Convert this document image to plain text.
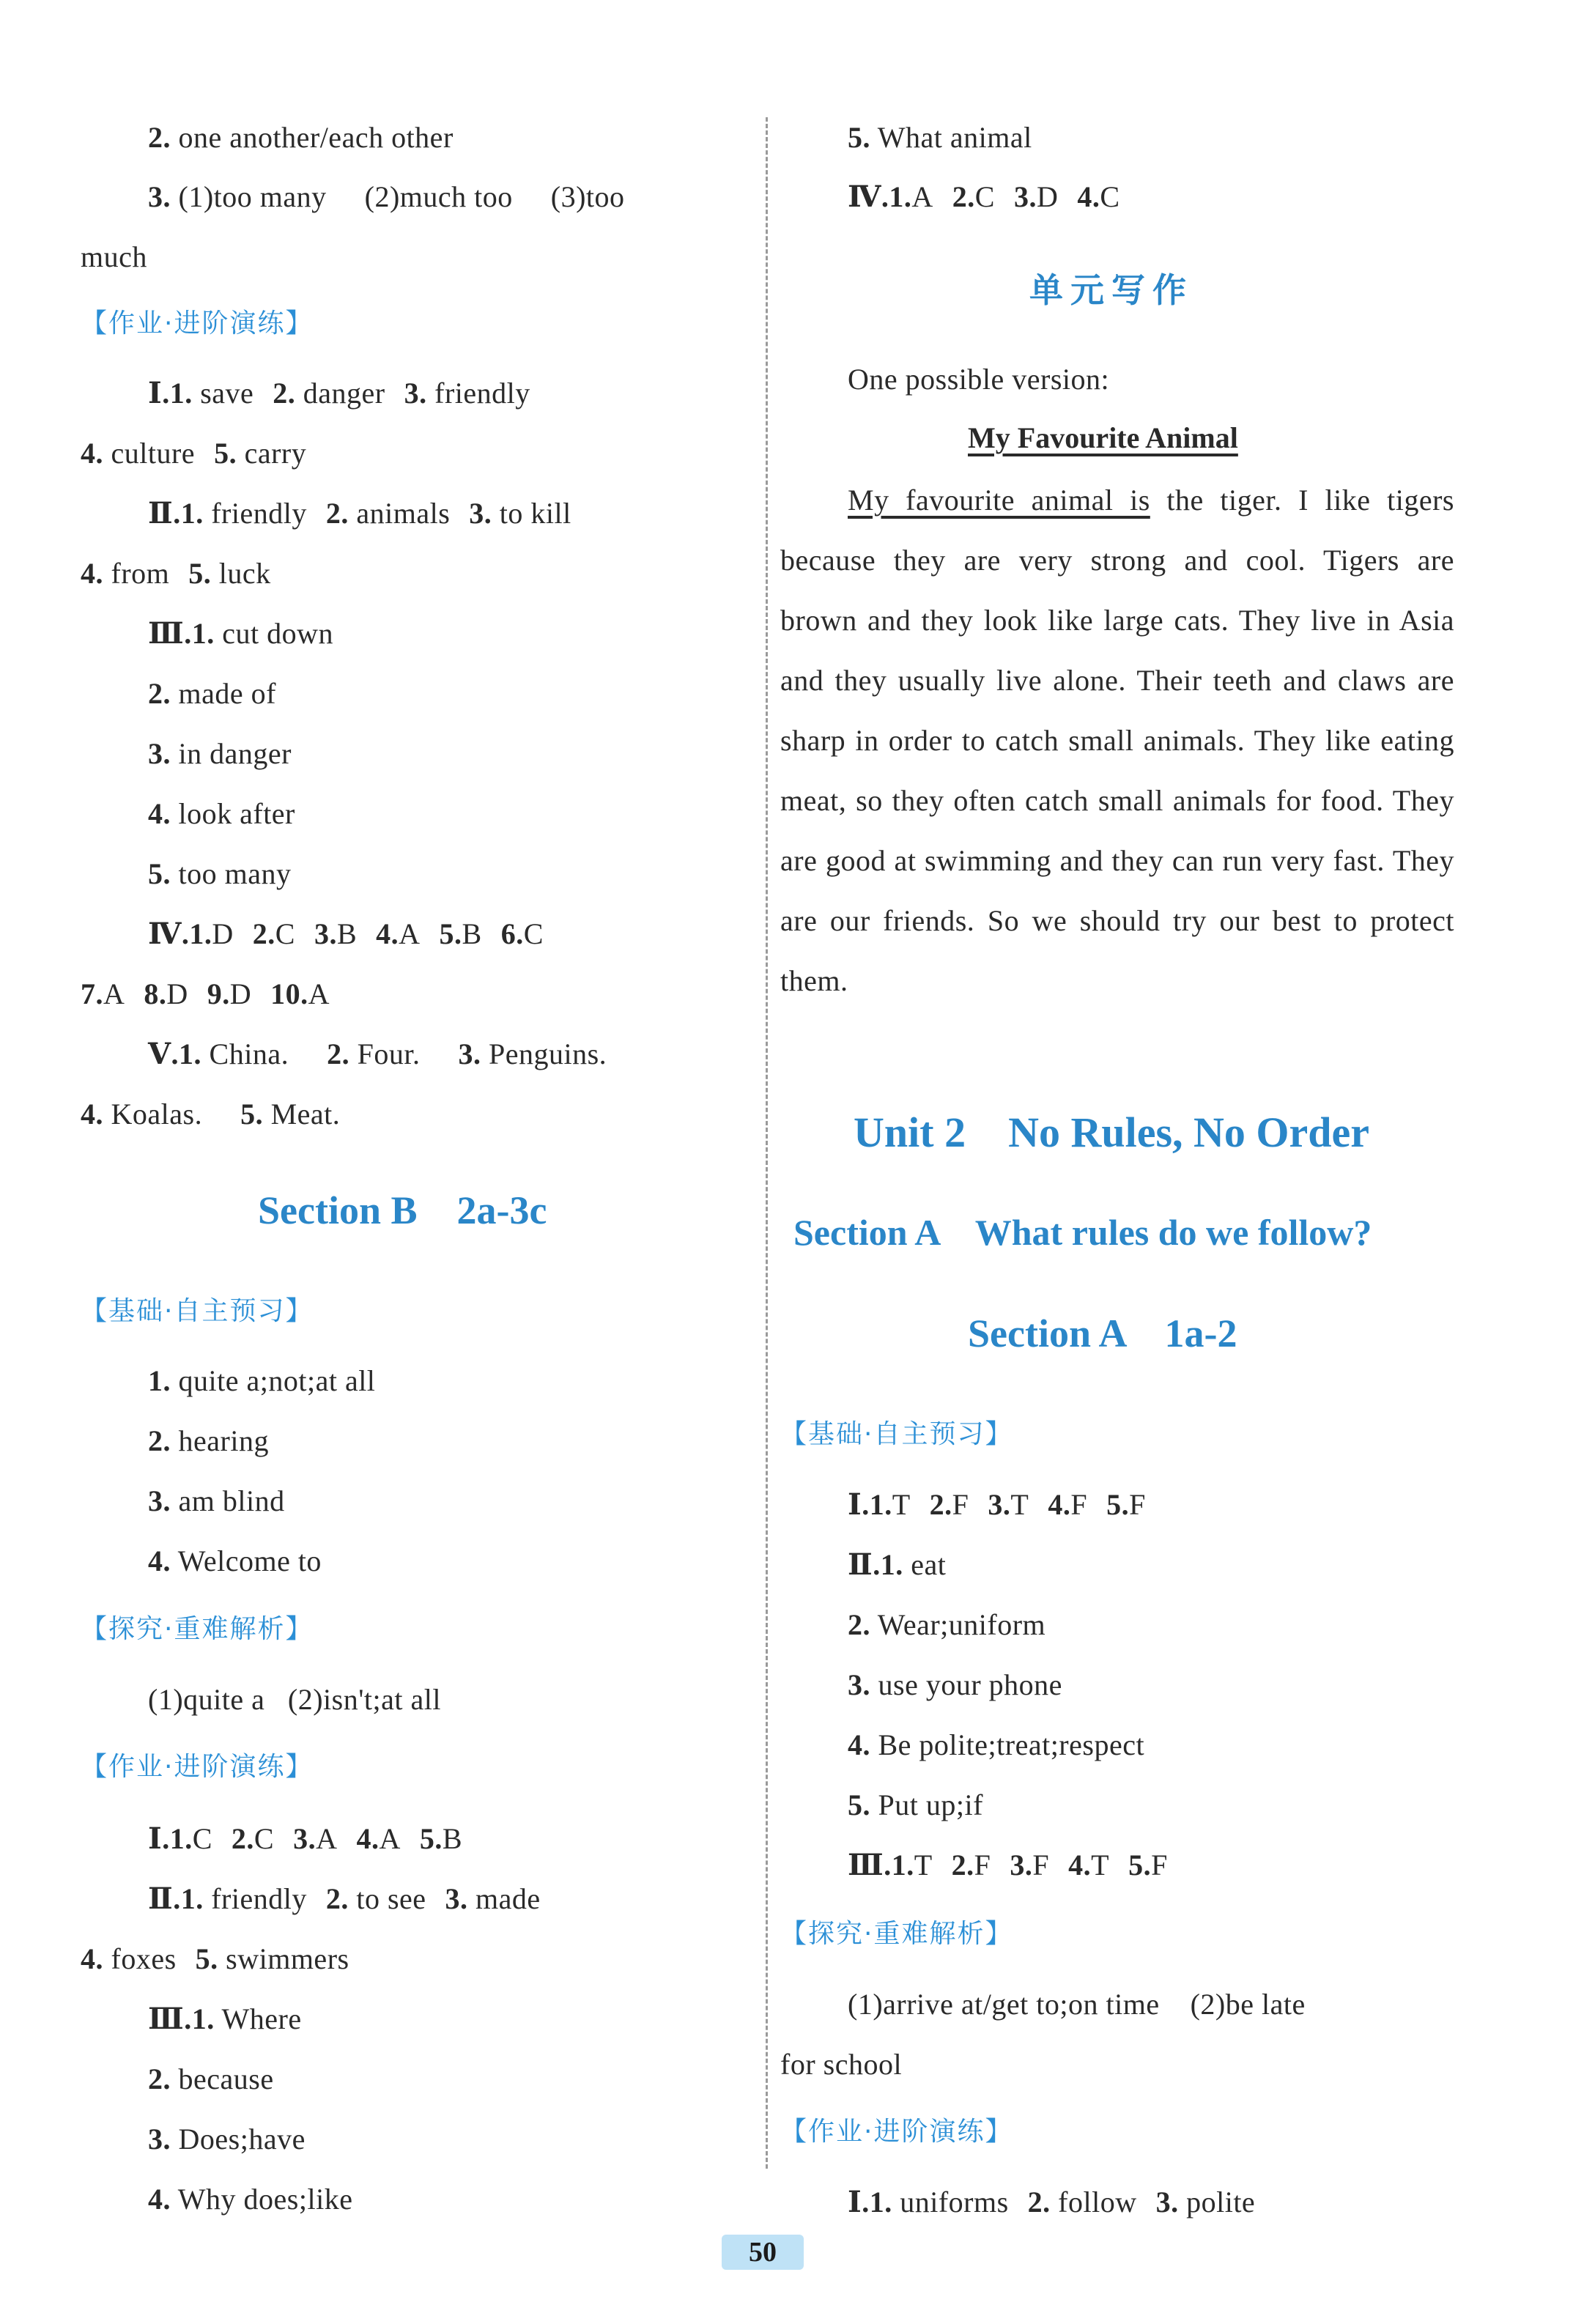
2. one another/each other
3. (1)too many (2)much too (3)too
much
【作业·进阶演练】
Ⅰ.1. save 2. danger 3. friendly
4. culture 5. carry
Ⅱ.1. friendly 2. animals 3. to kill
4. from 5. luck
Ⅲ.1. cut down
2. made of
3. in danger
4. look after
5. too many
Ⅳ.1.D 2.C 3.B 4.A 5.B 6.C
7.A 8.D 9.D 10.A
Ⅴ.1. China. 2. Four. 3. Penguins.
4. Koalas. 5. Meat.
Section B    2a-3c
【基础·自主预习】
1. quite a;not;at all
2. hearing
3. am blind
4. Welcome to
【探究·重难解析】
(1)quite a   (2)isn't;at all
【作业·进阶演练】
Ⅰ.1.C 2.C 3.A 4.A 5.B
Ⅱ.1. friendly 2. to see 3. made
4. foxes 5. swimmers
Ⅲ.1. Where
2. because
3. Does;have
4. Why does;like
5. What animal
Ⅳ.1.A 2.C 3.D 4.C
单元写作
One possible version:
My Favourite Animal
My favourite animal is the tiger. I like tigers because they are very strong and cool. Tigers are brown and they look like large cats. They live in Asia and they usually live alone. Their teeth and claws are sharp in order to catch small animals. They like eating meat, so they often catch small animals for food. They are good at swimming and they can run very fast. They are our friends. So we should try our best to protect them.
Unit 2    No Rules, No Order
Section A    What rules do we follow?
Section A    1a-2
【基础·自主预习】
Ⅰ.1.T 2.F 3.T 4.F 5.F
Ⅱ.1. eat
2. Wear;uniform
3. use your phone
4. Be polite;treat;respect
5. Put up;if
Ⅲ.1.T 2.F 3.F 4.T 5.F
【探究·重难解析】
(1)arrive at/get to;on time    (2)be late
for school
【作业·进阶演练】
Ⅰ.1. uniforms 2. follow 3. polite
50
